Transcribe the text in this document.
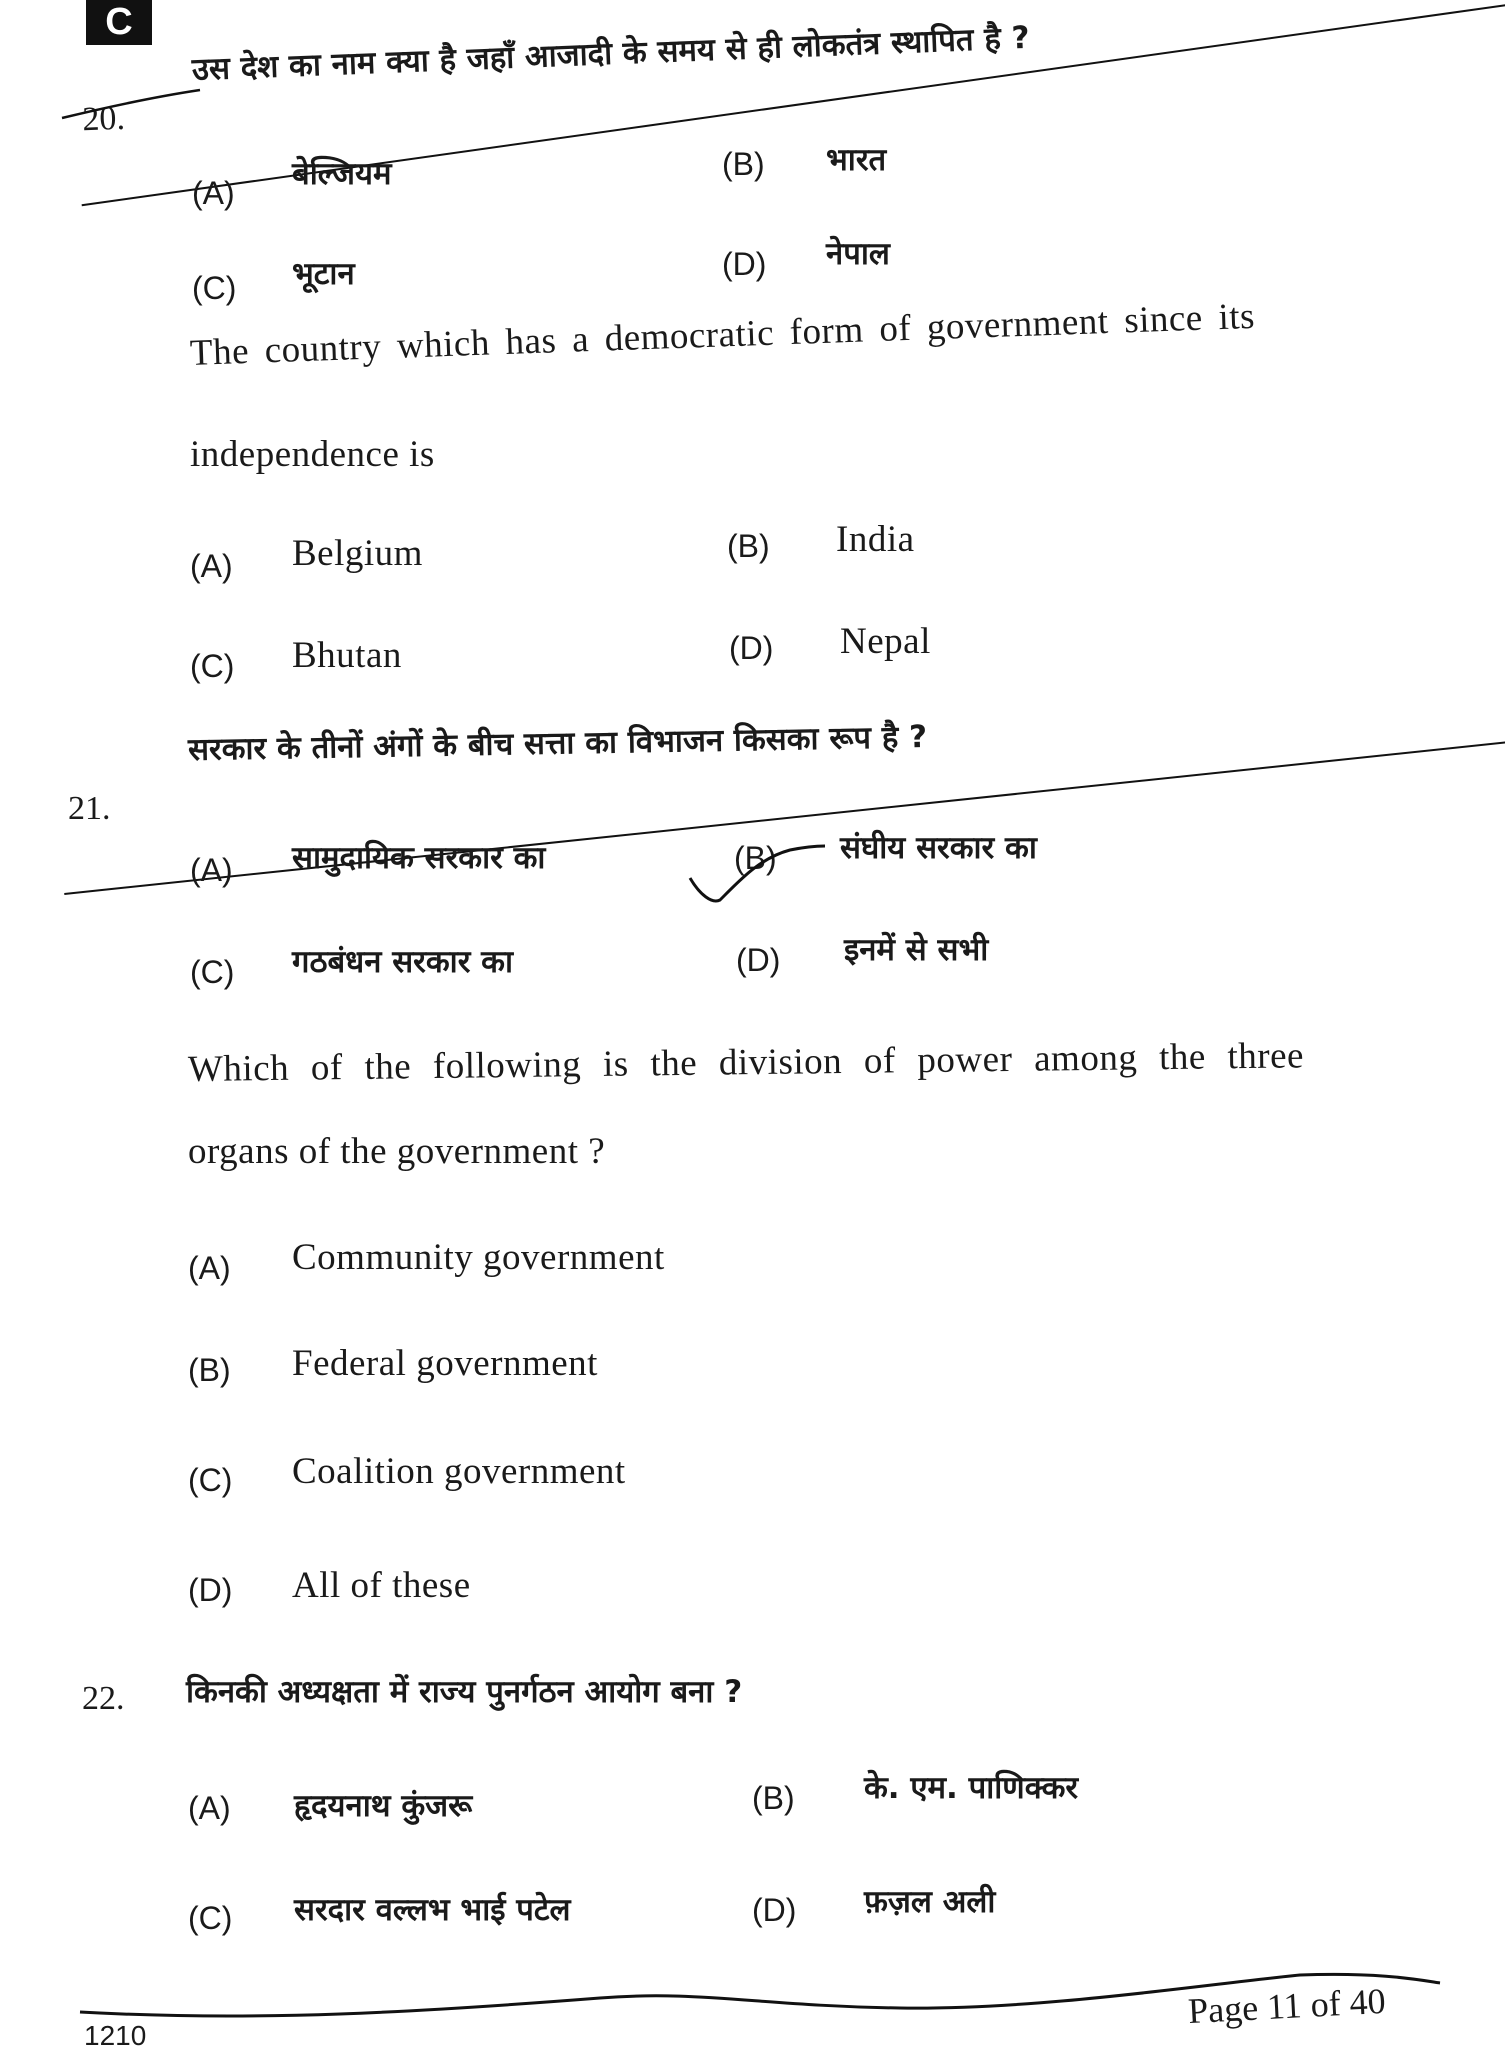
C
20.
उस देश का नाम क्या है जहाँ आजादी के समय से ही लोकतंत्र स्थापित है ?
(A)
बेल्जियम	(B) भारत
(C) भूटान	(D) नेपाल
The country which has a democratic form of government since its
independence is
(A) Belgium	(B) India
(C) Bhutan	(D) Nepal
21.
सरकार के तीनों अंगों के बीच सत्ता का विभाजन किसका रूप है ?
(A) सामुदायिक सरकार का	(B) संघीय सरकार का
(C) गठबंधन सरकार का	(D) इनमें से सभी
Which of the following is the division of power among the three
organs of the government ?
(A) Community government
(B) Federal government
(C) Coalition government
(D) All of these
22. किनकी अध्यक्षता में राज्य पुनर्गठन आयोग बना ?
(A) हृदयनाथ कुंजरू	(B) के. एम. पाणिक्कर
(C) सरदार वल्लभ भाई पटेल	(D) फ़ज़ल अली
Page 11 of 40
1210
